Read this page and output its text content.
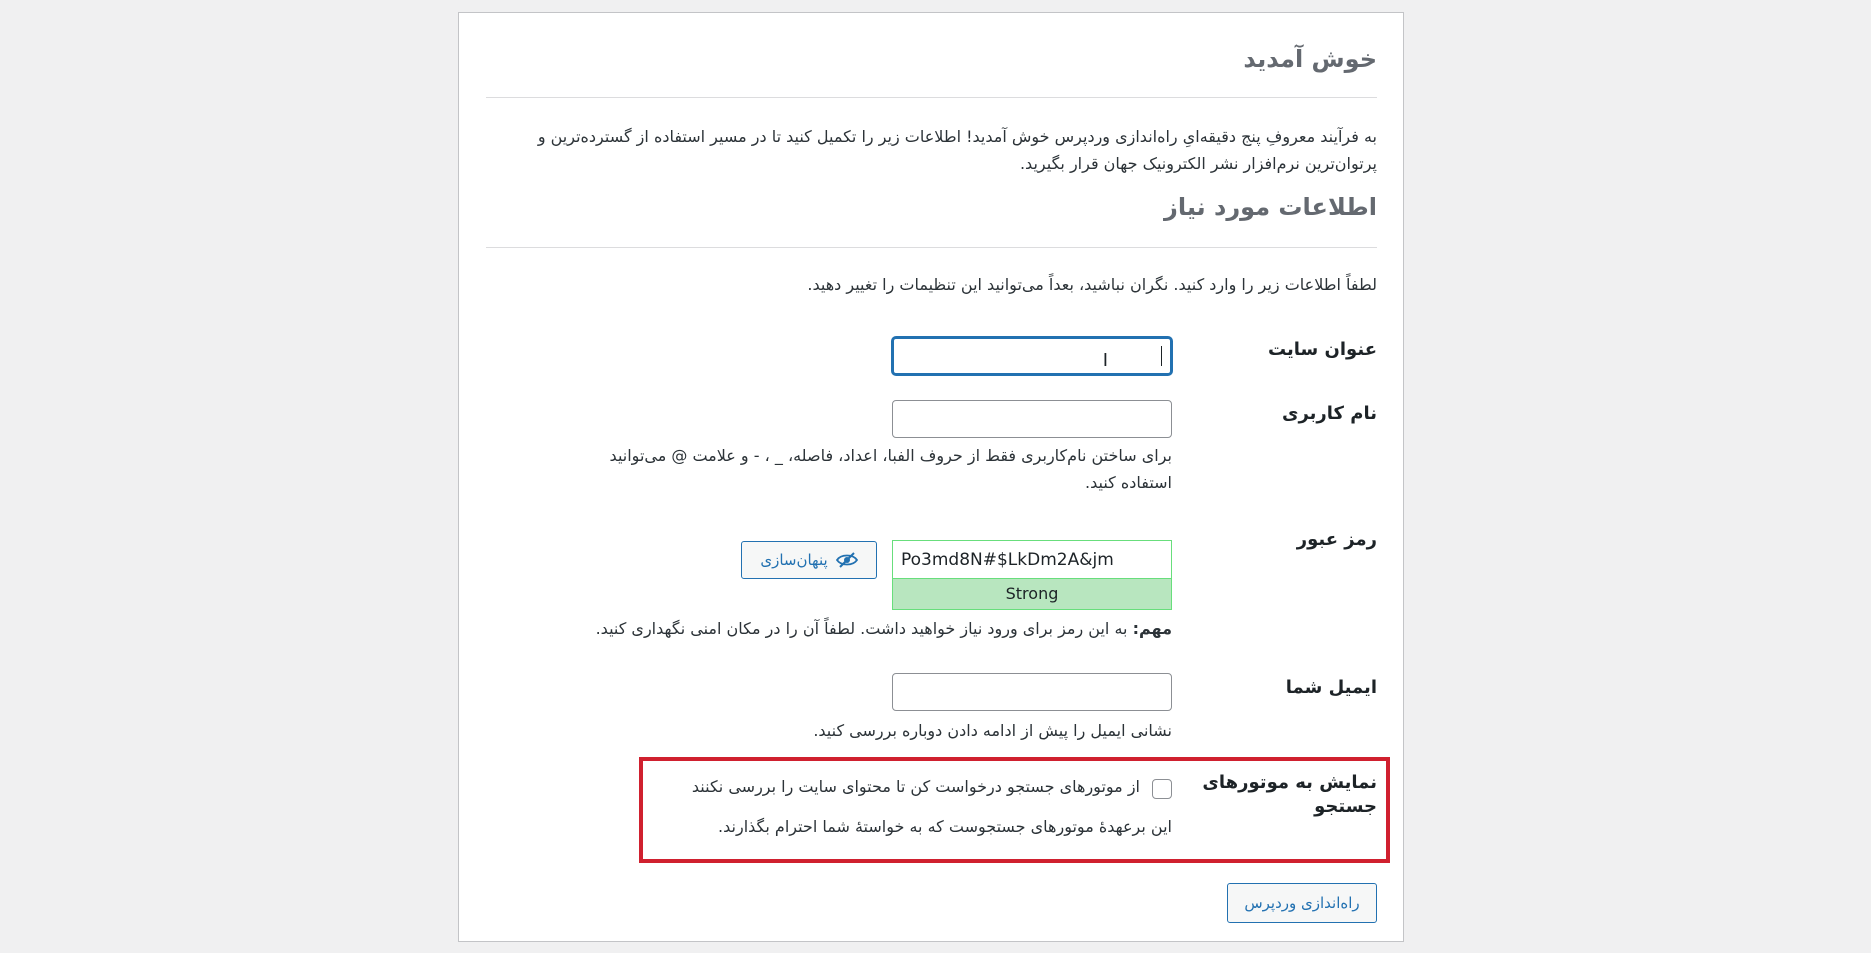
خوش آمدید

به فرآیند معروفِ پنج دقیقه‌ایِ راه‌اندازی وردپرس خوش آمدید! اطلاعات زیر را تکمیل کنید تا در مسیر استفاده از گسترده‌ترین و پرتوان‌ترین نرم‌افزار نشر الکترونیک جهان قرار بگیرید.

اطلاعات مورد نیاز

لطفاً اطلاعات زیر را وارد کنید. نگران نباشید، بعداً می‌توانید این تنظیمات را تغییر دهید.

عنوان سایت
I
نام کاربری

برای ساختن نام‌کاربری فقط از حروف الفبا، اعداد، فاصله، _ ، - و علامت @ می‌توانید استفاده کنید.

رمز عبور
Po3md8N#$LkDm2A&jm
Strong
پنهان‌سازی

مهم: به این رمز برای ورود نیاز خواهید داشت. لطفاً آن را در مکان امنی نگهداری کنید.

ایمیل شما

نشانی ایمیل را پیش از ادامه دادن دوباره بررسی کنید.

نمایش به موتورهای جستجو
از موتورهای جستجو درخواست کن تا محتوای سایت را بررسی نکنند

این برعهدهٔ موتورهای جستجوست که به خواستهٔ شما احترام بگذارند.

راه‌اندازی وردپرس
